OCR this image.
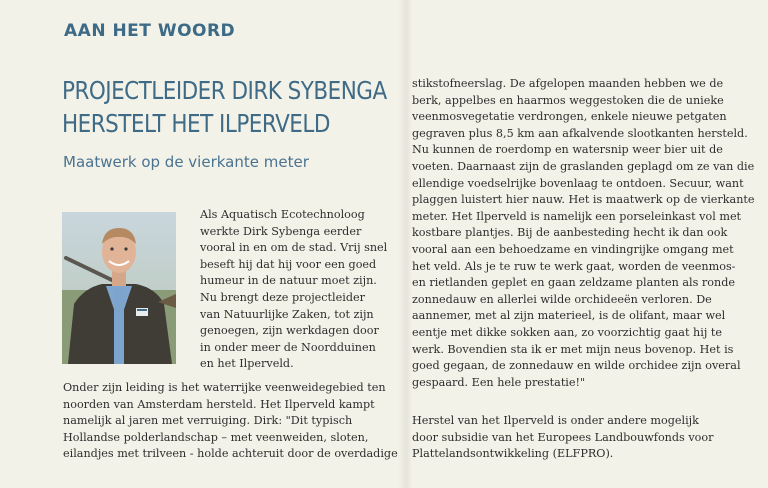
AAN HET WOORD
PROJECTLEIDER DIRK SYBENGA
HERSTELT HET ILPERVELD
Maatwerk op de vierkante meter
Als Aquatisch Ecotechnoloog
werkte Dirk Sybenga eerder
vooral in en om de stad. Vrij snel
beseft hij dat hij voor een goed
humeur in de natuur moet zijn.
Nu brengt deze projectleider
van Natuurlijke Zaken, tot zijn
genoegen, zijn werkdagen door
in onder meer de Noordduinen
en het Ilperveld.
Onder zijn leiding is het waterrijke veenweidegebied ten
noorden van Amsterdam hersteld. Het Ilperveld kampt
namelijk al jaren met verruiging. Dirk: "Dit typisch
Hollandse polderlandschap – met veenweiden, sloten,
eilandjes met trilveen - holde achteruit door de overdadige
stikstofneerslag. De afgelopen maanden hebben we de
berk, appelbes en haarmos weggestoken die de unieke
veenmosvegetatie verdrongen, enkele nieuwe petgaten
gegraven plus 8,5 km aan afkalvende slootkanten hersteld.
Nu kunnen de roerdomp en watersnip weer bier uit de
voeten. Daarnaast zijn de graslanden geplagd om ze van die
ellendige voedselrijke bovenlaag te ontdoen. Secuur, want
plaggen luistert hier nauw. Het is maatwerk op de vierkante
meter. Het Ilperveld is namelijk een porseleinkast vol met
kostbare plantjes. Bij de aanbesteding hecht ik dan ook
vooral aan een behoedzame en vindingrijke omgang met
het veld. Als je te ruw te werk gaat, worden de veenmos-
en rietlanden geplet en gaan zeldzame planten als ronde
zonnedauw en allerlei wilde orchideeën verloren. De
aannemer, met al zijn materieel, is de olifant, maar wel
eentje met dikke sokken aan, zo voorzichtig gaat hij te
werk. Bovendien sta ik er met mijn neus bovenop. Het is
goed gegaan, de zonnedauw en wilde orchidee zijn overal
gespaard. Een hele prestatie!"
Herstel van het Ilperveld is onder andere mogelijk
door subsidie van het Europees Landbouwfonds voor
Plattelandsontwikkeling (ELFPRO).
